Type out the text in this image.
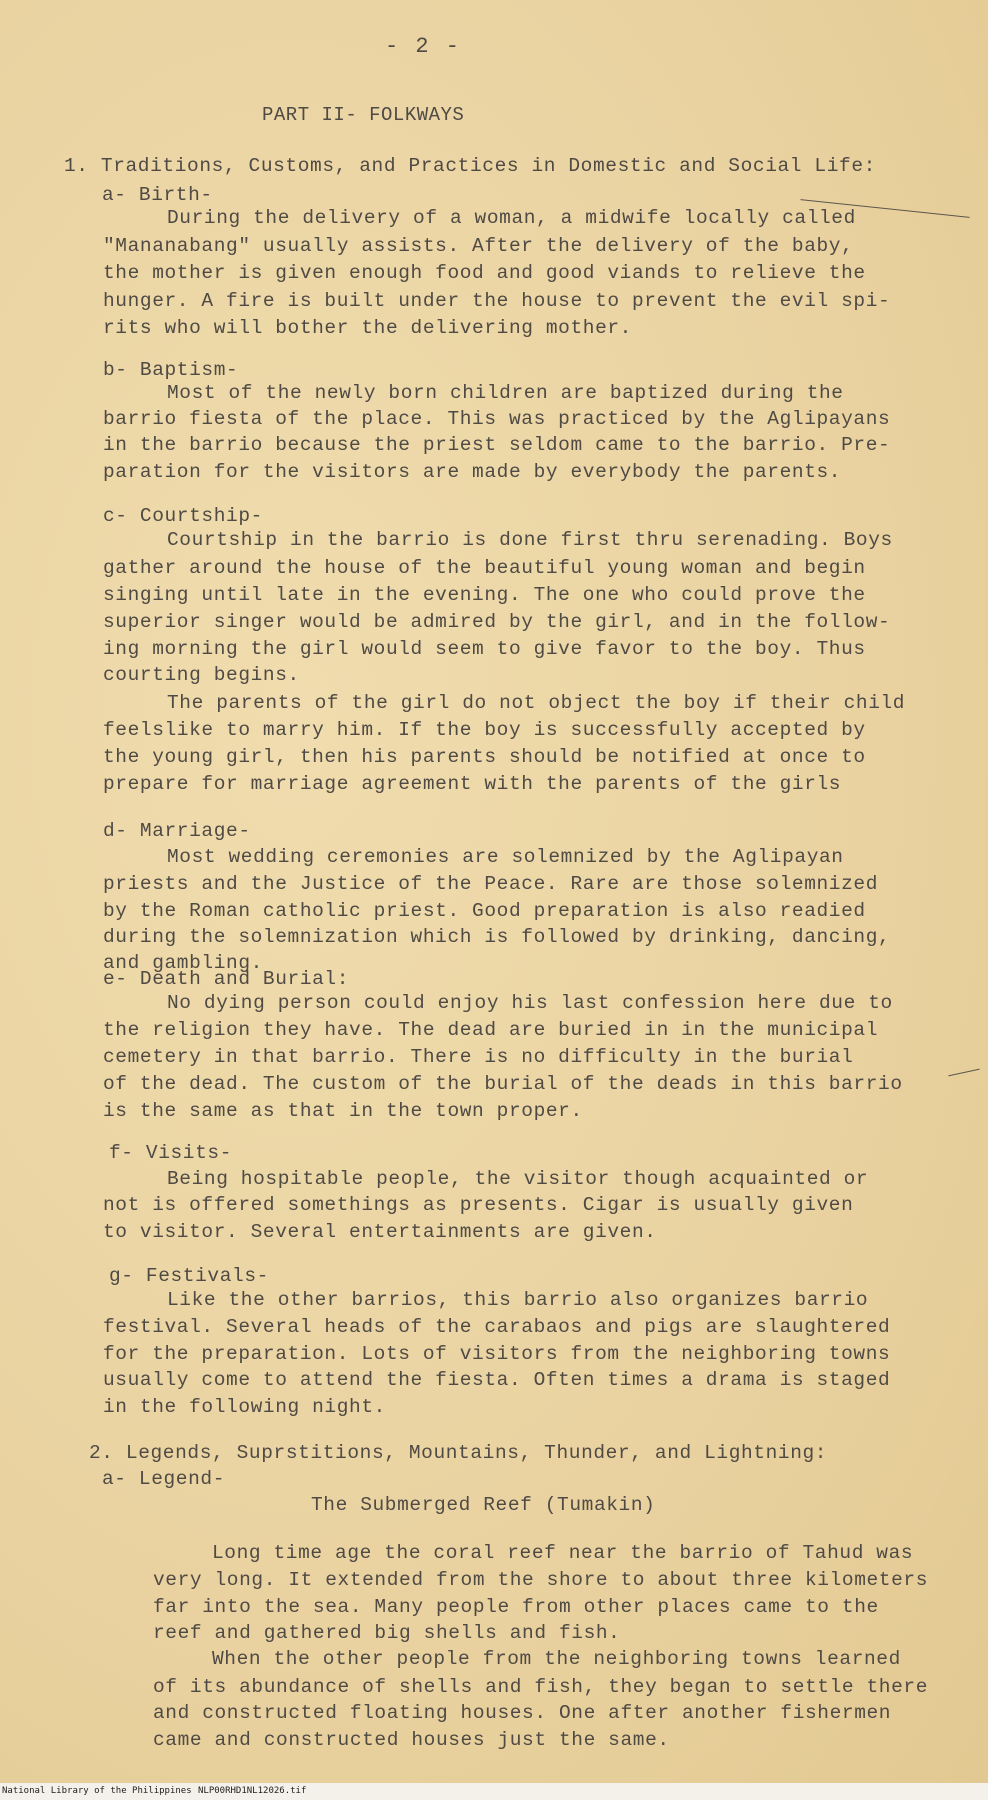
- 2 -
PART II- FOLKWAYS
1. Traditions, Customs, and Practices in Domestic and Social Life:
a- Birth-
During the delivery of a woman, a midwife locally called
"Mananabang" usually assists. After the delivery of the baby,
the mother is given enough food and good viands to relieve the
hunger. A fire is built under the house to prevent the evil spi-
rits who will bother the delivering mother.
b- Baptism-
Most of the newly born children are baptized during the
barrio fiesta of the place. This was practiced by the Aglipayans
in the barrio because the priest seldom came to the barrio. Pre-
paration for the visitors are made by everybody the parents.
c- Courtship-
Courtship in the barrio is done first thru serenading. Boys
gather around the house of the beautiful young woman and begin
singing until late in the evening. The one who could prove the
superior singer would be admired by the girl, and in the follow-
ing morning the girl would seem to give favor to the boy. Thus
courting begins.
The parents of the girl do not object the boy if their child
feelslike to marry him. If the boy is successfully accepted by
the young girl, then his parents should be notified at once to
prepare for marriage agreement with the parents of the girls
d- Marriage-
Most wedding ceremonies are solemnized by the Aglipayan
priests and the Justice of the Peace. Rare are those solemnized
by the Roman catholic priest. Good preparation is also readied
during the solemnization which is followed by drinking, dancing,
and gambling.
e- Death and Burial:
No dying person could enjoy his last confession here due to
the religion they have. The dead are buried in in the municipal
cemetery in that barrio. There is no difficulty in the burial
of the dead. The custom of the burial of the deads in this barrio
is the same as that in the town proper.
f- Visits-
Being hospitable people, the visitor though acquainted or
not is offered somethings as presents. Cigar is usually given
to visitor. Several entertainments are given.
g- Festivals-
Like the other barrios, this barrio also organizes barrio
festival. Several heads of the carabaos and pigs are slaughtered
for the preparation. Lots of visitors from the neighboring towns
usually come to attend the fiesta. Often times a drama is staged
in the following night.
2. Legends, Suprstitions, Mountains, Thunder, and Lightning:
a- Legend-
The Submerged Reef (Tumakin)
Long time age the coral reef near the barrio of Tahud was
very long. It extended from the shore to about three kilometers
far into the sea. Many people from other places came to the
reef and gathered big shells and fish.
When the other people from the neighboring towns learned
of its abundance of shells and fish, they began to settle there
and constructed floating houses. One after another fishermen
came and constructed houses just the same.
National Library of the Philippines NLP00RHD1NL12026.tif
